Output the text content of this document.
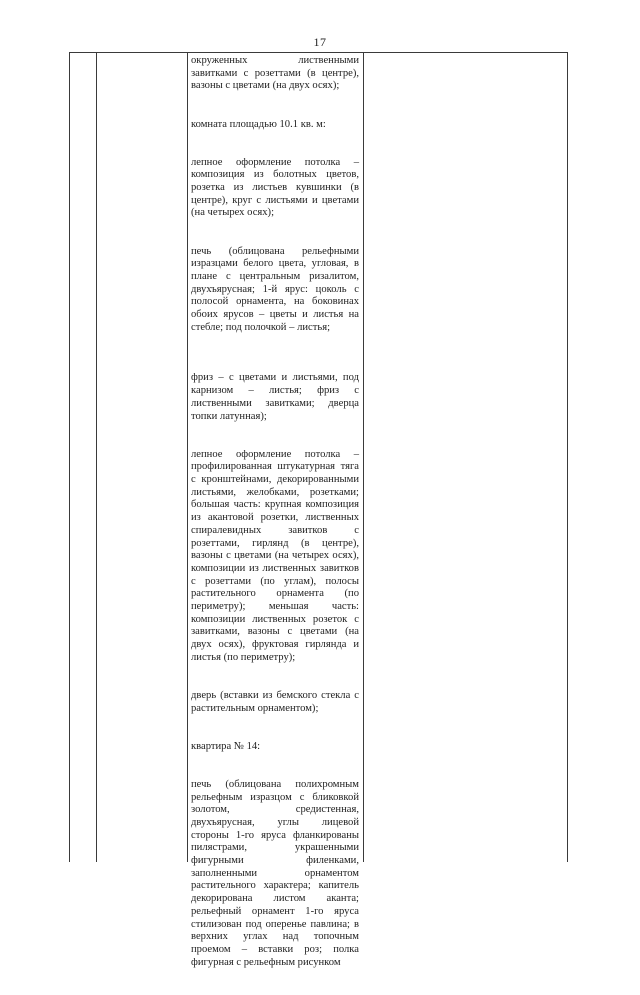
17

окруженных лиственными завитками с розеттами (в центре), вазоны с цветами (на двух осях);

комната площадью 10.1 кв. м:

лепное оформление потолка – композиция из болотных цветов, розетка из листьев кувшинки (в центре), круг с листьями и цветами (на четырех осях);

печь (облицована рельефными изразцами белого цвета, угловая, в плане с центральным ризалитом, двухъярусная; 1-й ярус: цоколь с полосой орнамента, на боковинах обоих ярусов – цветы и листья на стебле; под полочкой – листья;

фриз – с цветами и листьями, под карнизом – листья; фриз с лиственными завитками; дверца топки латунная);

лепное оформление потолка – профилированная штукатурная тяга с кронштейнами, декорированными листьями, желобками, розетками; большая часть: крупная композиция из акантовой розетки, лиственных спиралевидных завитков с розеттами, гирлянд (в центре), вазоны с цветами (на четырех осях), композиции из лиственных завитков с розеттами (по углам), полосы растительного орнамента (по периметру); меньшая часть: композиции лиственных розеток с завитками, вазоны с цветами (на двух осях), фруктовая гирлянда и листья (по периметру);

дверь (вставки из бемского стекла с растительным орнаментом);

квартира № 14:

печь (облицована полихромным рельефным изразцом с бликовкой золотом, средистенная, двухъярусная, углы лицевой стороны 1-го яруса фланкированы пилястрами, украшенными фигурными филенками, заполненными орнаментом растительного характера; капитель декорирована листом аканта; рельефный орнамент 1-го яруса стилизован под оперенье павлина; в верхних углах над топочным проемом – вставки роз; полка фигурная с рельефным рисунком
